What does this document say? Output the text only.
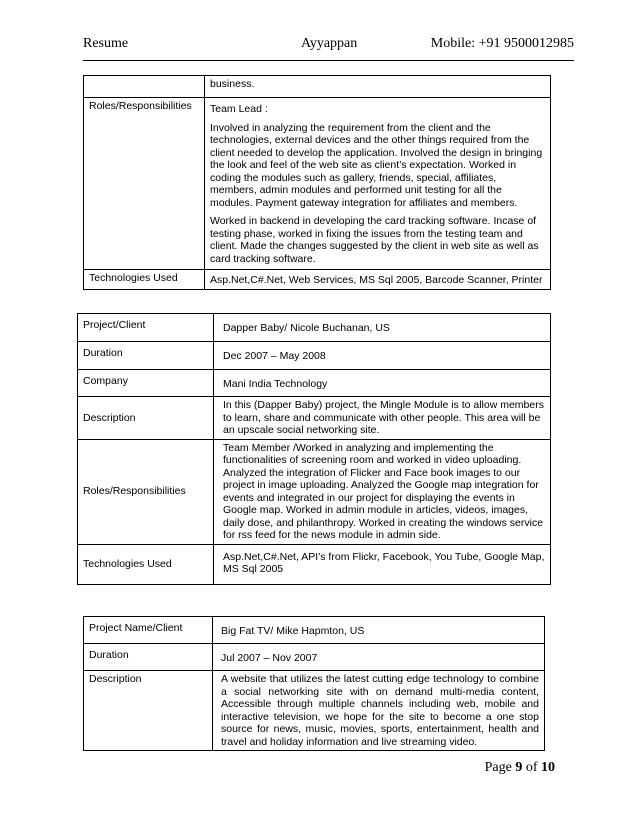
Resume	Ayyappan	Mobile: +91 9500012985
	business.
Roles/Responsibilities	Team Lead :

Involved in analyzing the requirement from the client and the technologies, external devices and the other things required from the client needed to develop the application. Involved the design in bringing the look and feel of the web site as client’s expectation. Worked in coding the modules such as gallery, friends, special, affiliates, members, admin modules and performed unit testing for all the modules. Payment gateway integration for affiliates and members.

Worked in backend in developing the card tracking software. Incase of testing phase, worked in fixing the issues from the testing team and client. Made the changes suggested by the client in web site as well as card tracking software.

Technologies Used	Asp.Net,C#.Net, Web Services, MS Sql 2005, Barcode Scanner, Printer
Project/Client	Dapper Baby/ Nicole Buchanan, US
Duration	Dec 2007 – May 2008
Company	Mani India Technology
Description	In this (Dapper Baby) project, the Mingle Module is to allow members to learn, share and communicate with other people. This area will be an upscale social networking site.
Roles/Responsibilities	Team Member /Worked in analyzing and implementing the functionalities of screening room and worked in video uploading. Analyzed the integration of Flicker and Face book images to our project in image uploading. Analyzed the Google map integration for events and integrated in our project for displaying the events in Google map. Worked in admin module in articles, videos, images, daily dose, and philanthropy. Worked in creating the windows service for rss feed for the news module in admin side.
Technologies Used	Asp.Net,C#.Net, API’s from Flickr, Facebook, You Tube, Google Map, MS Sql 2005
Project Name/Client	Big Fat TV/ Mike Hapmton, US
Duration	Jul 2007 – Nov 2007
Description	A website that utilizes the latest cutting edge technology to combine a social networking site with on demand multi-media content, Accessible through multiple channels including web, mobile and interactive television, we hope for the site to become a one stop source for news, music, movies, sports, entertainment, health and travel and holiday information and live streaming video.
Page 9 of 10
